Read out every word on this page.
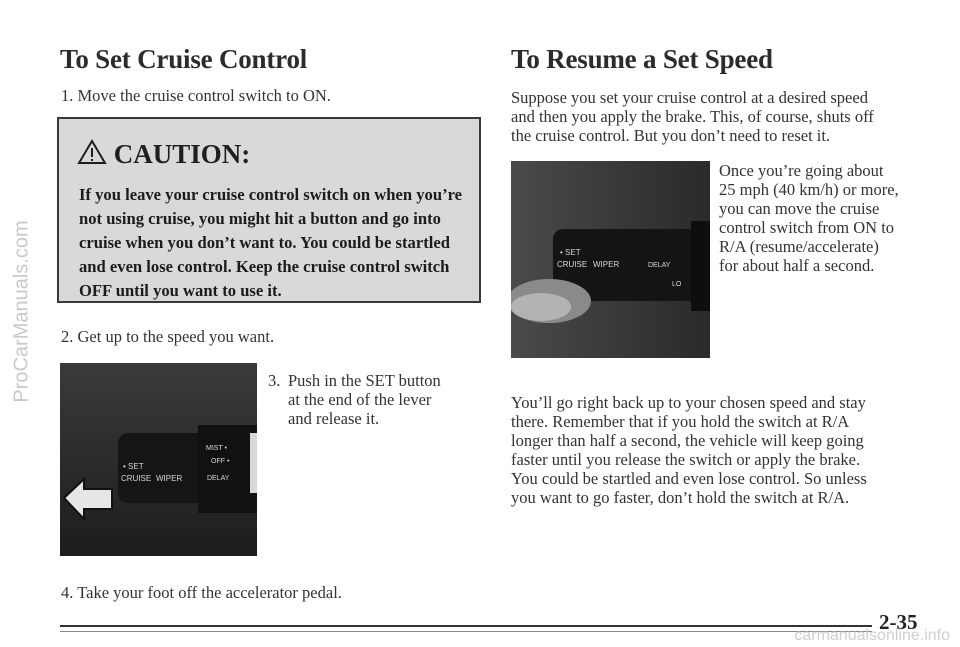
ProCarManuals.com
To Set Cruise Control
1. Move the cruise control switch to ON.
CAUTION:
If you leave your cruise control switch on when you’re not using cruise, you might hit a button and go into cruise when you don’t want to. You could be startled and even lose control. Keep the cruise control switch OFF until you want to use it.
2. Get up to the speed you want.
• SET
CRUISE WIPER
MIST •
OFF •
DELAY
3. Push in the SET button
at the end of the lever
and release it.
4. Take your foot off the accelerator pedal.
To Resume a Set Speed
Suppose you set your cruise control at a desired speed
and then you apply the brake. This, of course, shuts off
the cruise control. But you don’t need to reset it.
• SET
CRUISE WIPER	DELAY
LO
Once you’re going about
25 mph (40 km/h) or more,
you can move the cruise
control switch from ON to
R/A (resume/accelerate)
for about half a second.
You’ll go right back up to your chosen speed and stay
there. Remember that if you hold the switch at R/A
longer than half a second, the vehicle will keep going
faster until you release the switch or apply the brake.
You could be startled and even lose control. So unless
you want to go faster, don’t hold the switch at R/A.
2-35
carmanualsonline.info
